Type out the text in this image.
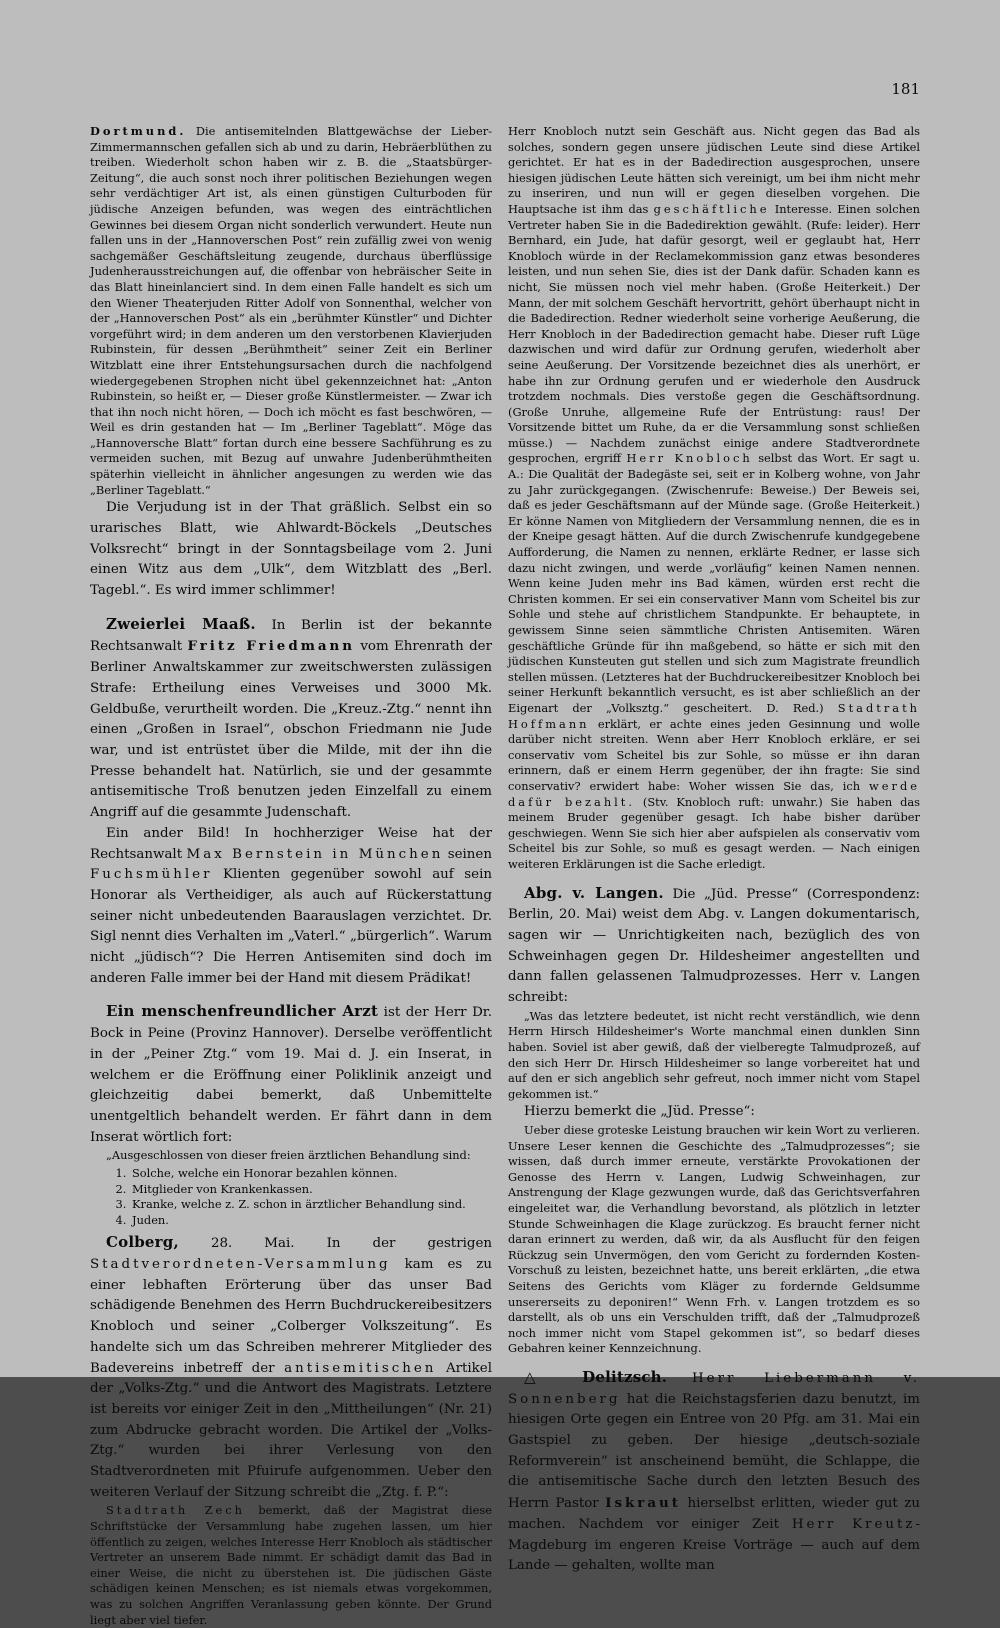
181

Dortmund. Die antisemitelnden Blattgewächse der Lieber-Zimmermannschen gefallen sich ab und zu darin, Hebräerblüthen zu treiben. Wiederholt schon haben wir z. B. die „Staatsbürger-Zeitung“, die auch sonst noch ihrer politischen Beziehungen wegen sehr verdächtiger Art ist, als einen günstigen Culturboden für jüdische Anzeigen befunden, was wegen des einträchtlichen Gewinnes bei diesem Organ nicht sonderlich verwundert. Heute nun fallen uns in der „Hannoverschen Post“ rein zufällig zwei von wenig sachgemäßer Geschäftsleitung zeugende, durchaus überflüssige Judenherausstreichungen auf, die offenbar von hebräischer Seite in das Blatt hineinlanciert sind. In dem einen Falle handelt es sich um den Wiener Theaterjuden Ritter Adolf von Sonnenthal, welcher von der „Hannoverschen Post“ als ein „berühmter Künstler“ und Dichter vorgeführt wird; in dem anderen um den verstorbenen Klavierjuden Rubinstein, für dessen „Berühmtheit“ seiner Zeit ein Berliner Witzblatt eine ihrer Entstehungsursachen durch die nachfolgend wiedergegebenen Strophen nicht übel gekennzeichnet hat: „Anton Rubinstein, so heißt er, — Dieser große Künstlermeister. — Zwar ich that ihn noch nicht hören, — Doch ich möcht es fast beschwören, — Weil es drin gestanden hat — Im „Berliner Tageblatt“. Möge das „Hannoversche Blatt“ fortan durch eine bessere Sachführung es zu vermeiden suchen, mit Bezug auf unwahre Judenberühmtheiten späterhin vielleicht in ähnlicher angesungen zu werden wie das „Berliner Tageblatt.“

Die Verjudung ist in der That gräßlich. Selbst ein so urarisches Blatt, wie Ahlwardt-Böckels „Deutsches Volksrecht“ bringt in der Sonntagsbeilage vom 2. Juni einen Witz aus dem „Ulk“, dem Witzblatt des „Berl. Tagebl.“. Es wird immer schlimmer!

Zweierlei Maaß. In Berlin ist der bekannte Rechtsanwalt Fritz Friedmann vom Ehrenrath der Berliner Anwaltskammer zur zweitschwersten zulässigen Strafe: Ertheilung eines Verweises und 3000 Mk. Geldbuße, verurtheilt worden. Die „Kreuz.-Ztg.“ nennt ihn einen „Großen in Israel“, obschon Friedmann nie Jude war, und ist entrüstet über die Milde, mit der ihn die Presse behandelt hat. Natürlich, sie und der gesammte antisemitische Troß benutzen jeden Einzelfall zu einem Angriff auf die gesammte Judenschaft.

Ein ander Bild! In hochherziger Weise hat der Rechtsanwalt Max Bernstein in München seinen Fuchsmühler Klienten gegenüber sowohl auf sein Honorar als Vertheidiger, als auch auf Rückerstattung seiner nicht unbedeutenden Baarauslagen verzichtet. Dr. Sigl nennt dies Verhalten im „Vaterl.“ „bürgerlich“. Warum nicht „jüdisch“? Die Herren Antisemiten sind doch im anderen Falle immer bei der Hand mit diesem Prädikat!

Ein menschenfreundlicher Arzt ist der Herr Dr. Bock in Peine (Provinz Hannover). Derselbe veröffentlicht in der „Peiner Ztg.“ vom 19. Mai d. J. ein Inserat, in welchem er die Eröffnung einer Poliklinik anzeigt und gleichzeitig dabei bemerkt, daß Unbemittelte unentgeltlich behandelt werden. Er fährt dann in dem Inserat wörtlich fort:

„Ausgeschlossen von dieser freien ärztlichen Behandlung sind:

1. Solche, welche ein Honorar bezahlen können.
2. Mitglieder von Krankenkassen.
3. Kranke, welche z. Z. schon in ärztlicher Behandlung sind.
4. Juden.

Colberg, 28. Mai. In der gestrigen Stadtverordneten-Versammlung kam es zu einer lebhaften Erörterung über das unser Bad schädigende Benehmen des Herrn Buchdruckereibesitzers Knobloch und seiner „Colberger Volkszeitung“. Es handelte sich um das Schreiben mehrerer Mitglieder des Badevereins inbetreff der antisemitischen Artikel der „Volks-Ztg.“ und die Antwort des Magistrats. Letztere ist bereits vor einiger Zeit in den „Mittheilungen“ (Nr. 21) zum Abdrucke gebracht worden. Die Artikel der „Volks-Ztg.“ wurden bei ihrer Verlesung von den Stadtverordneten mit Pfuirufe aufgenommen. Ueber den weiteren Verlauf der Sitzung schreibt die „Ztg. f. P.“:

Stadtrath Zech bemerkt, daß der Magistrat diese Schriftstücke der Versammlung habe zugehen lassen, um hier öffentlich zu zeigen, welches Interesse Herr Knobloch als städtischer Vertreter an unserem Bade nimmt. Er schädigt damit das Bad in einer Weise, die nicht zu überstehen ist. Die jüdischen Gäste schädigen keinen Menschen; es ist niemals etwas vorgekommen, was zu solchen Angriffen Veranlassung geben könnte. Der Grund liegt aber viel tiefer.

Herr Knobloch nutzt sein Geschäft aus. Nicht gegen das Bad als solches, sondern gegen unsere jüdischen Leute sind diese Artikel gerichtet. Er hat es in der Badedirection ausgesprochen, unsere hiesigen jüdischen Leute hätten sich vereinigt, um bei ihm nicht mehr zu inseriren, und nun will er gegen dieselben vorgehen. Die Hauptsache ist ihm das geschäftliche Interesse. Einen solchen Vertreter haben Sie in die Badedirektion gewählt. (Rufe: leider). Herr Bernhard, ein Jude, hat dafür gesorgt, weil er geglaubt hat, Herr Knobloch würde in der Reclamekommission ganz etwas besonderes leisten, und nun sehen Sie, dies ist der Dank dafür. Schaden kann es nicht, Sie müssen noch viel mehr haben. (Große Heiterkeit.) Der Mann, der mit solchem Geschäft hervortritt, gehört überhaupt nicht in die Badedirection. Redner wiederholt seine vorherige Aeußerung, die Herr Knobloch in der Badedirection gemacht habe. Dieser ruft Lüge dazwischen und wird dafür zur Ordnung gerufen, wiederholt aber seine Aeußerung. Der Vorsitzende bezeichnet dies als unerhört, er habe ihn zur Ordnung gerufen und er wiederhole den Ausdruck trotzdem nochmals. Dies verstoße gegen die Geschäftsordnung. (Große Unruhe, allgemeine Rufe der Entrüstung: raus! Der Vorsitzende bittet um Ruhe, da er die Versammlung sonst schließen müsse.) — Nachdem zunächst einige andere Stadtverordnete gesprochen, ergriff Herr Knobloch selbst das Wort. Er sagt u. A.: Die Qualität der Badegäste sei, seit er in Kolberg wohne, von Jahr zu Jahr zurückgegangen. (Zwischenrufe: Beweise.) Der Beweis sei, daß es jeder Geschäftsmann auf der Münde sage. (Große Heiterkeit.) Er könne Namen von Mitgliedern der Versammlung nennen, die es in der Kneipe gesagt hätten. Auf die durch Zwischenrufe kundgegebene Aufforderung, die Namen zu nennen, erklärte Redner, er lasse sich dazu nicht zwingen, und werde „vorläufig“ keinen Namen nennen. Wenn keine Juden mehr ins Bad kämen, würden erst recht die Christen kommen. Er sei ein conservativer Mann vom Scheitel bis zur Sohle und stehe auf christlichem Standpunkte. Er behauptete, in gewissem Sinne seien sämmtliche Christen Antisemiten. Wären geschäftliche Gründe für ihn maßgebend, so hätte er sich mit den jüdischen Kunsteuten gut stellen und sich zum Magistrate freundlich stellen müssen. (Letzteres hat der Buchdruckereibesitzer Knobloch bei seiner Herkunft bekanntlich versucht, es ist aber schließlich an der Eigenart der „Volksztg.“ gescheitert. D. Red.) Stadtrath Hoffmann erklärt, er achte eines jeden Gesinnung und wolle darüber nicht streiten. Wenn aber Herr Knobloch erkläre, er sei conservativ vom Scheitel bis zur Sohle, so müsse er ihn daran erinnern, daß er einem Herrn gegenüber, der ihn fragte: Sie sind conservativ? erwidert habe: Woher wissen Sie das, ich werde dafür bezahlt. (Stv. Knobloch ruft: unwahr.) Sie haben das meinem Bruder gegenüber gesagt. Ich habe bisher darüber geschwiegen. Wenn Sie sich hier aber aufspielen als conservativ vom Scheitel bis zur Sohle, so muß es gesagt werden. — Nach einigen weiteren Erklärungen ist die Sache erledigt.

Abg. v. Langen. Die „Jüd. Presse“ (Correspondenz: Berlin, 20. Mai) weist dem Abg. v. Langen dokumentarisch, sagen wir — Unrichtigkeiten nach, bezüglich des von Schweinhagen gegen Dr. Hildesheimer angestellten und dann fallen gelassenen Talmudprozesses. Herr v. Langen schreibt:

„Was das letztere bedeutet, ist nicht recht verständlich, wie denn Herrn Hirsch Hildesheimer's Worte manchmal einen dunklen Sinn haben. Soviel ist aber gewiß, daß der vielberegte Talmudprozeß, auf den sich Herr Dr. Hirsch Hildesheimer so lange vorbereitet hat und auf den er sich angeblich sehr gefreut, noch immer nicht vom Stapel gekommen ist.“

Hierzu bemerkt die „Jüd. Presse“:

Ueber diese groteske Leistung brauchen wir kein Wort zu verlieren. Unsere Leser kennen die Geschichte des „Talmudprozesses“; sie wissen, daß durch immer erneute, verstärkte Provokationen der Genosse des Herrn v. Langen, Ludwig Schweinhagen, zur Anstrengung der Klage gezwungen wurde, daß das Gerichtsverfahren eingeleitet war, die Verhandlung bevorstand, als plötzlich in letzter Stunde Schweinhagen die Klage zurückzog. Es braucht ferner nicht daran erinnert zu werden, daß wir, da als Ausflucht für den feigen Rückzug sein Unvermögen, den vom Gericht zu fordernden Kosten-Vorschuß zu leisten, bezeichnet hatte, uns bereit erklärten, „die etwa Seitens des Gerichts vom Kläger zu fordernde Geldsumme unsererseits zu deponiren!“ Wenn Frh. v. Langen trotzdem es so darstellt, als ob uns ein Verschulden trifft, daß der „Talmudprozeß noch immer nicht vom Stapel gekommen ist“, so bedarf dieses Gebahren keiner Kennzeichnung.

△ Delitzsch. Herr Liebermann v. Sonnenberg hat die Reichstagsferien dazu benutzt, im hiesigen Orte gegen ein Entree von 20 Pfg. am 31. Mai ein Gastspiel zu geben. Der hiesige „deutsch-soziale Reformverein“ ist anscheinend bemüht, die Schlappe, die die antisemitische Sache durch den letzten Besuch des Herrn Pastor Iskraut hierselbst erlitten, wieder gut zu machen. Nachdem vor einiger Zeit Herr Kreutz-Magdeburg im engeren Kreise Vorträge — auch auf dem Lande — gehalten, wollte man
